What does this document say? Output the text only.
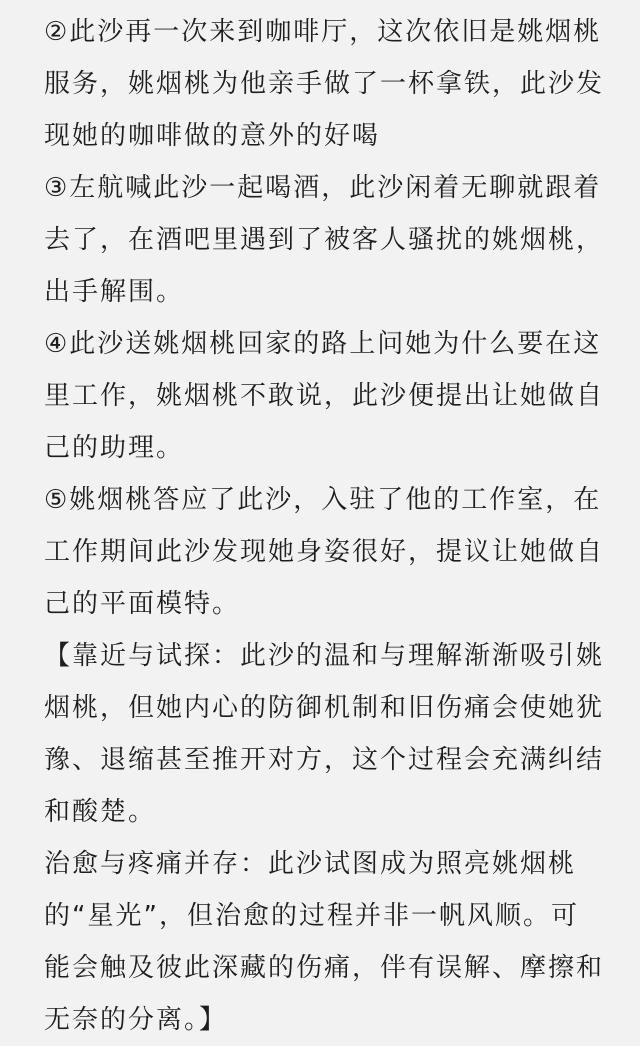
②此沙再一次来到咖啡厅，这次依旧是姚烟桃服务，姚烟桃为他亲手做了一杯拿铁，此沙发现她的咖啡做的意外的好喝

③左航喊此沙一起喝酒，此沙闲着无聊就跟着去了，在酒吧里遇到了被客人骚扰的姚烟桃，出手解围。

④此沙送姚烟桃回家的路上问她为什么要在这里工作，姚烟桃不敢说，此沙便提出让她做自己的助理。

⑤姚烟桃答应了此沙，入驻了他的工作室，在工作期间此沙发现她身姿很好，提议让她做自己的平面模特。

【靠近与试探：此沙的温和与理解渐渐吸引姚烟桃，但她内心的防御机制和旧伤痛会使她犹豫、退缩甚至推开对方，这个过程会充满纠结和酸楚。

治愈与疼痛并存：此沙试图成为照亮姚烟桃的“星光”，但治愈的过程并非一帆风顺。可能会触及彼此深藏的伤痛，伴有误解、摩擦和无奈的分离。】
